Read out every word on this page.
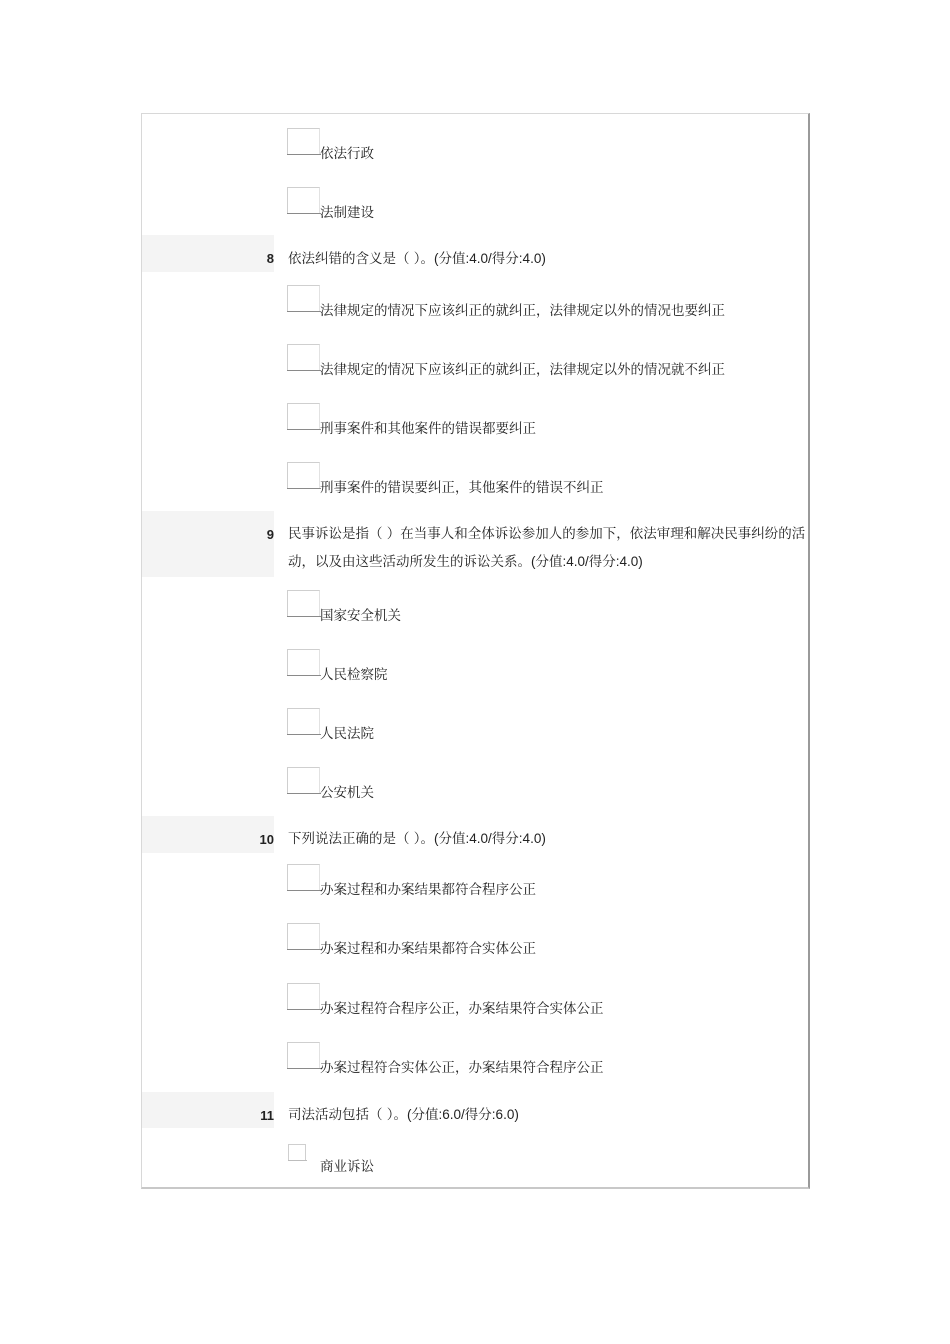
依法行政
法制建设
8 依法纠错的含义是（ ）。(分值:4.0/得分:4.0)
法律规定的情况下应该纠正的就纠正，法律规定以外的情况也要纠正
法律规定的情况下应该纠正的就纠正，法律规定以外的情况就不纠正
刑事案件和其他案件的错误都要纠正
刑事案件的错误要纠正，其他案件的错误不纠正
9 民事诉讼是指（ ）在当事人和全体诉讼参加人的参加下，依法审理和解决民事纠纷的活动，以及由这些活动所发生的诉讼关系。(分值:4.0/得分:4.0)
国家安全机关
人民检察院
人民法院
公安机关
10 下列说法正确的是（ ）。(分值:4.0/得分:4.0)
办案过程和办案结果都符合程序公正
办案过程和办案结果都符合实体公正
办案过程符合程序公正，办案结果符合实体公正
办案过程符合实体公正，办案结果符合程序公正
11 司法活动包括（ ）。(分值:6.0/得分:6.0)
商业诉讼
